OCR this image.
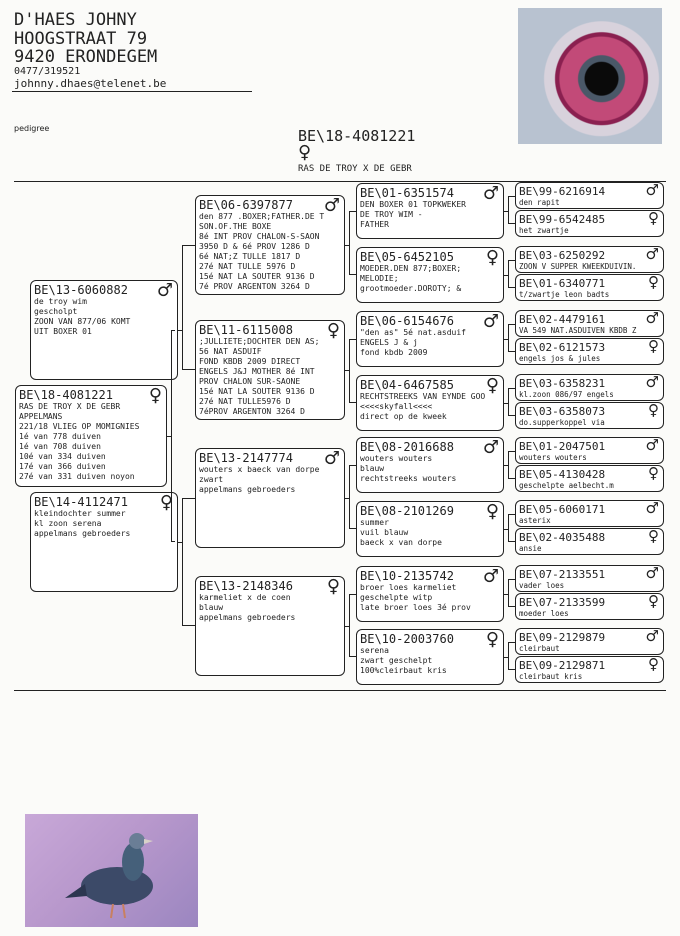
D'HAES JOHNY
HOOGSTRAAT 79
9420 ERONDEGEM
0477/319521
johnny.dhaes@telenet.be
pedigree	BE\18-4081221
♀
RAS DE TROY X DE GEBR
BE\18-4081221	♀
RAS DE TROY X DE GEBR
APPELMANS
221/18 VLIEG OP MOMIGNIES
1é van 778 duiven
1é van 708 duiven
10é van 334 duiven
17é van 366 duiven
27é van 331 duiven noyon
BE\13-6060882	♂
de troy wim
gescholpt
ZOON VAN 877/06 KOMT
UIT BOXER 01
BE\14-4112471	♀
kleindochter summer
kl zoon serena
appelmans gebroeders
BE\06-6397877	♂
den 877 .BOXER;FATHER.DE T
SON.OF.THE BOXE
8é INT PROV CHALON-S-SAON
3950 D & 6é PROV 1286 D
6é NAT;Z TULLE 1817 D
27é NAT TULLE 5976 D
15é NAT LA SOUTER 9136 D
7é PROV ARGENTON 3264 D
BE\11-6115008	♀
;JULLIETE;DOCHTER DEN AS;
56 NAT ASDUIF
FOND KBDB 2009 DIRECT
ENGELS J&J MOTHER 8é INT
PROV CHALON SUR-SAONE
15é NAT LA SOUTER 9136 D
27é NAT TULLE5976 D
7éPROV ARGENTON 3264 D
BE\13-2147774	♂
wouters x baeck van dorpe
zwart
appelmans gebroeders
BE\13-2148346	♀
karmeliet x de coen
blauw
appelmans gebroeders
BE\01-6351574	♂
DEN BOXER 01 TOPKWEKER
DE TROY WIM -
FATHER
BE\05-6452105	♀
MOEDER.DEN 877;BOXER;
MELODIE;
grootmoeder.DOROTY; &
BE\06-6154676	♂
"den as" 5é nat.asduif
ENGELS J & j
fond kbdb 2009
BE\04-6467585	♀
RECHTSTREEKS VAN EYNDE GOO
<<<<skyfall<<<<
direct op de kweek
BE\08-2016688	♂
wouters wouters
blauw
rechtstreeks wouters
BE\08-2101269	♀
summer
vuil blauw
baeck x van dorpe
BE\10-2135742	♂
broer loes karmeliet
geschelpte witp
late broer loes 3é prov
BE\10-2003760	♀
serena
zwart geschelpt
100%cleirbaut kris
BE\99-6216914	♂
den rapit
BE\99-6542485	♀
het zwartje
BE\03-6250292	♂
ZOON V SUPPER KWEEKDUIVIN.
BE\01-6340771	♀
t/zwartje leon badts
BE\02-4479161	♂
VA 549 NAT.ASDUIVEN KBDB Z
BE\02-6121573	♀
engels jos & jules
BE\03-6358231	♂
kl.zoon 086/97 engels
BE\03-6358073	♀
do.supperkoppel via
BE\01-2047501	♂
wouters wouters
BE\05-4130428	♀
geschelpte aelbecht.m
BE\05-6060171	♂
asterix
BE\02-4035488	♀
ansie
BE\07-2133551	♂
vader loes
BE\07-2133599	♀
moeder loes
BE\09-2129879	♂
cleirbaut
BE\09-2129871	♀
cleirbaut kris
